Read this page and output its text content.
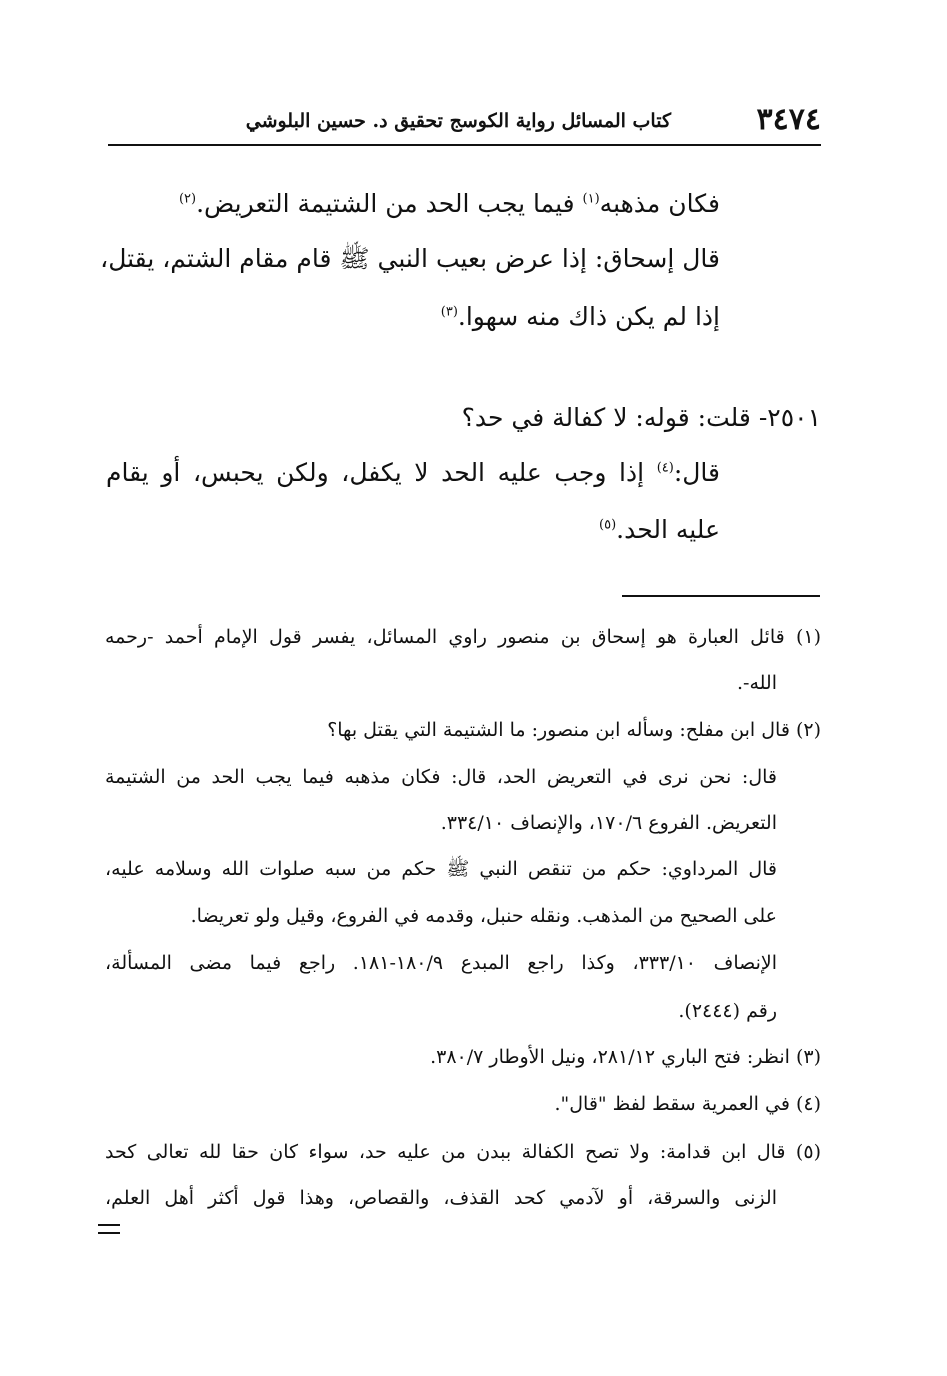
٣٤٧٤
كتاب المسائل رواية الكوسج تحقيق د. حسين البلوشي
فكان مذهبه$^{(١)}$ فيما يجب الحد من الشتيمة التعريض.$^{(٢)}$
قال إسحاق: إذا عرض بعيب النبي ﷺ قام مقام الشتم، يقتل،
إذا لم يكن ذاك منه سهوا.$^{(٣)}$
٢٥٠١- قلت: قوله: لا كفالة في حد؟
قال:$^{(٤)}$ إذا وجب عليه الحد لا يكفل، ولكن يحبس، أو يقام
عليه الحد.$^{(٥)}$
(١) قائل العبارة هو إسحاق بن منصور راوي المسائل، يفسر قول الإمام أحمد -رحمه
الله-.
(٢) قال ابن مفلح: وسأله ابن منصور: ما الشتيمة التي يقتل بها؟
قال: نحن نرى في التعريض الحد، قال: فكان مذهبه فيما يجب الحد من الشتيمة
التعريض. الفروع ١٧٠/٦، والإنصاف ٣٣٤/١٠.
قال المرداوي: حكم من تنقص النبي ﷺ حكم من سبه صلوات الله وسلامه عليه،
على الصحيح من المذهب. ونقله حنبل، وقدمه في الفروع، وقيل ولو تعريضا.
الإنصاف ٣٣٣/١٠، وكذا راجع المبدع ١٨٠/٩-١٨١. راجع فيما مضى المسألة،
رقم (٢٤٤٤).
(٣) انظر: فتح الباري ٢٨١/١٢، ونيل الأوطار ٣٨٠/٧.
(٤) في العمرية سقط لفظ "قال".
(٥) قال ابن قدامة: ولا تصح الكفالة ببدن من عليه حد، سواء كان حقا لله تعالى كحد
الزنى والسرقة، أو لآدمي كحد القذف، والقصاص، وهذا قول أكثر أهل العلم،
